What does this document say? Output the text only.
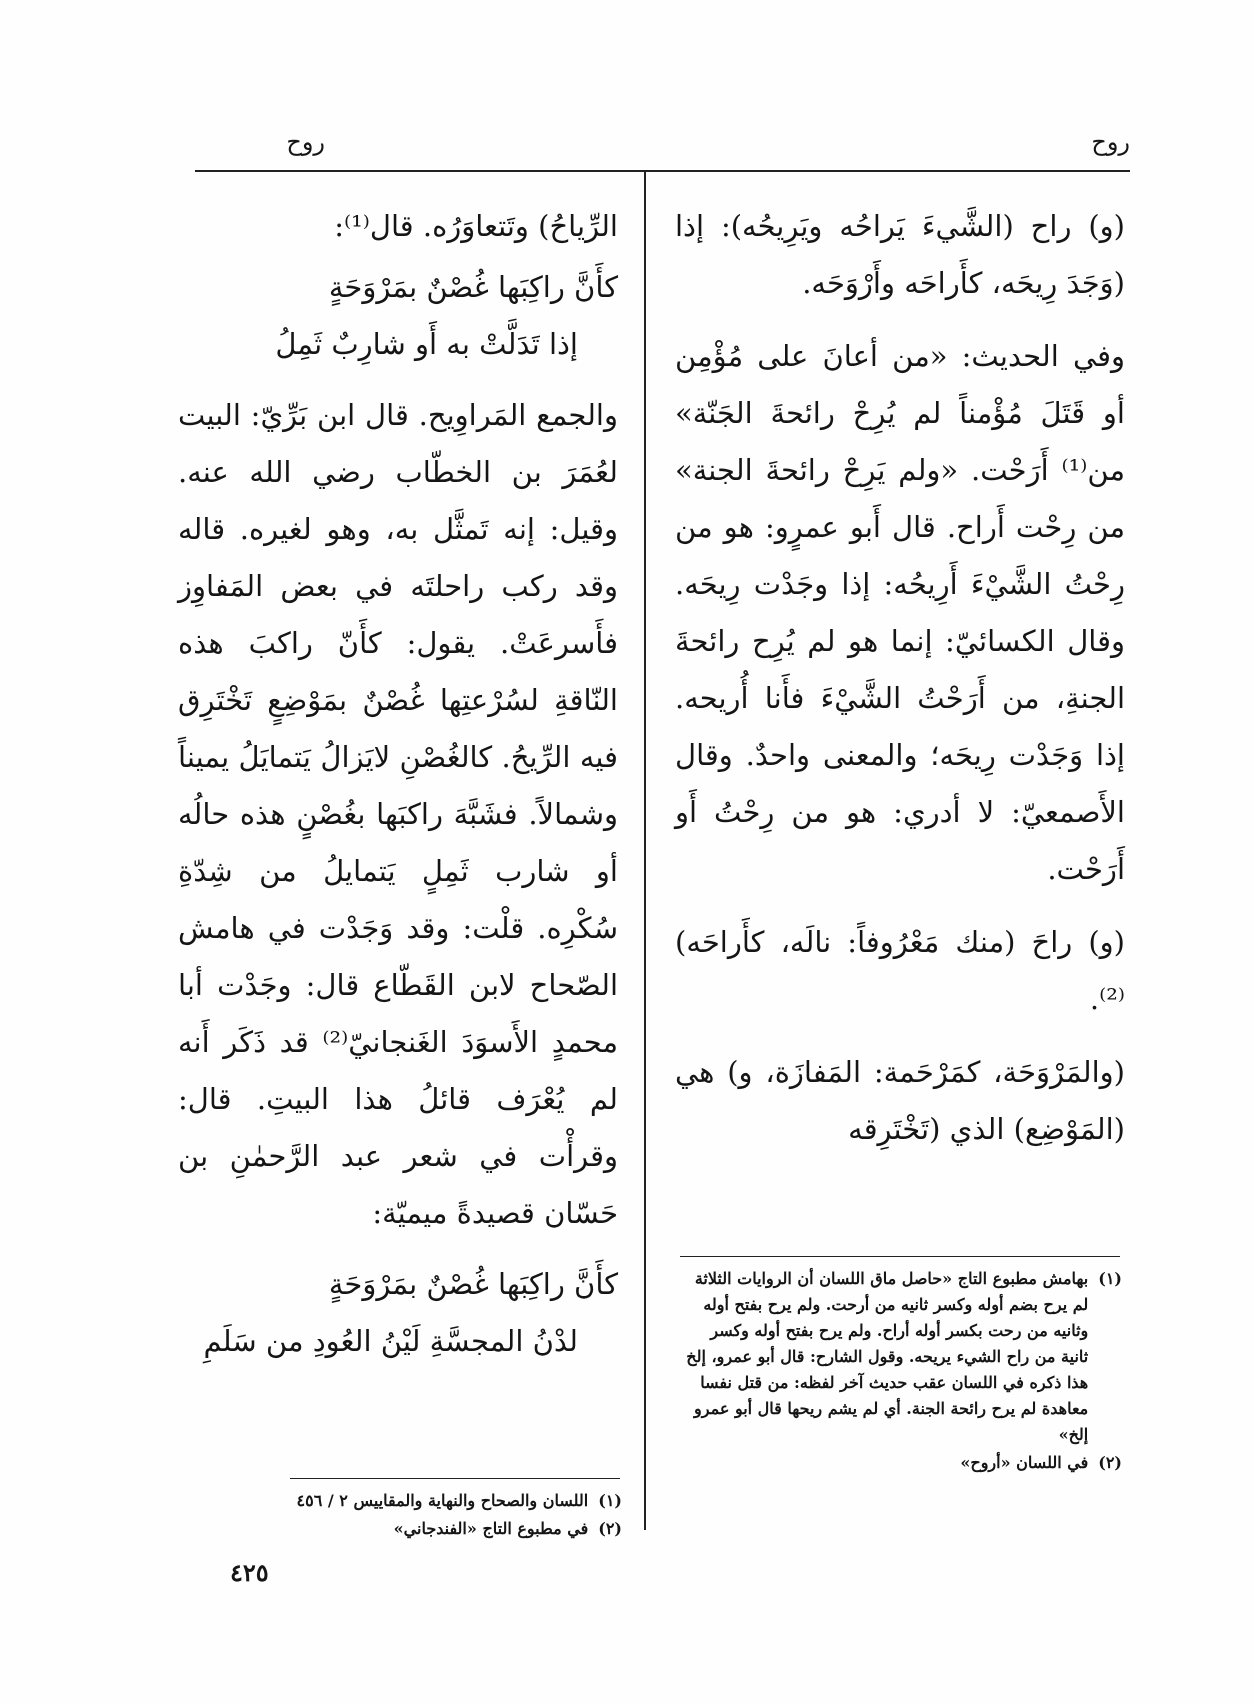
روح
روح

(و) راح (الشَّيءَ يَراحُه ويَرِيحُه): إذا (وَجَدَ رِيحَه، كأَراحَه وأَرْوَحَه.

وفي الحديث: «من أعانَ على مُؤْمِن أو قَتَلَ مُؤْمناً لم يُرِحْ رائحةَ الجَنّة» من⁽¹⁾ أَرَحْت. «ولم يَرِحْ رائحةَ الجنة» من رِحْت أَراح. قال أَبو عمرٍو: هو من رِحْتُ الشَّيْءَ أَرِيحُه: إذا وجَدْت رِيحَه. وقال الكسائيّ: إنما هو لم يُرِح رائحةَ الجنةِ، من أَرَحْتُ الشَّيْءَ فأَنا أُريحه. إذا وَجَدْت رِيحَه؛ والمعنى واحدٌ. وقال الأَصمعيّ: لا أدري: هو من رِحْتُ أَو أَرَحْت.

(و) راحَ (منك مَعْرُوفاً: نالَه، كأَراحَه)⁽²⁾.

(والمَرْوَحَة، كمَرْحَمة: المَفازَة، و) هي (المَوْضِع) الذي (تَخْتَرِقه

(١)
بهامش مطبوع التاج «حاصل ماق اللسان أن الروايات الثلاثة لم يرح بضم أوله وكسر ثانيه من أرحت. ولم يرح بفتح أوله وثانيه من رحت بكسر أوله أراح. ولم يرح بفتح أوله وكسر ثانية من راح الشيء يريحه. وقول الشارح: قال أبو عمرو، إلخ هذا ذكره في اللسان عقب حديث آخر لفظه: من قتل نفسا معاهدة لم يرح رائحة الجنة. أي لم يشم ريحها قال أبو عمرو إلخ»
(٢)
في اللسان «أروح»

الرِّياحُ) وتَتعاوَرُه. قال⁽¹⁾:

كأَنَّ راكِبَها غُصْنٌ بمَرْوَحَةٍ

إذا تَدَلَّتْ به أَو شارِبٌ ثَمِلُ

والجمع المَراوِيح. قال ابن بَرِّيّ: البيت لعُمَرَ بن الخطّاب رضي الله عنه. وقيل: إنه تَمثَّل به، وهو لغيره. قاله وقد ركب راحلتَه في بعض المَفاوِز فأَسرعَتْ. يقول: كأَنّ راكبَ هذه النّاقةِ لسُرْعتِها غُصْنٌ بمَوْضِعٍ تَخْتَرِق فيه الرِّيحُ. كالغُصْنِ لايَزالُ يَتمايَلُ يميناً وشمالاً. فشَبَّهَ راكبَها بغُصْنٍ هذه حالُه أو شارب ثَمِلٍ يَتمايلُ من شِدّةِ سُكْرِه. قلْت: وقد وَجَدْت في هامش الصّحاح لابن القَطّاع قال: وجَدْت أبا محمدٍ الأَسوَدَ الغَنجانيّ⁽²⁾ قد ذَكَر أَنه لم يُعْرَف قائلُ هذا البيتِ. قال: وقرأْت في شعر عبد الرَّحمٰنِ بن حَسّان قصيدةً ميميّة:

كأَنَّ راكِبَها غُصْنٌ بمَرْوَحَةٍ

لدْنُ المجسَّةِ لَيْنُ العُودِ من سَلَمِ

(١)
اللسان والصحاح والنهاية والمقاييس ٢ / ٤٥٦
(٢)
في مطبوع التاج «الفندجاني»
٤٢٥
